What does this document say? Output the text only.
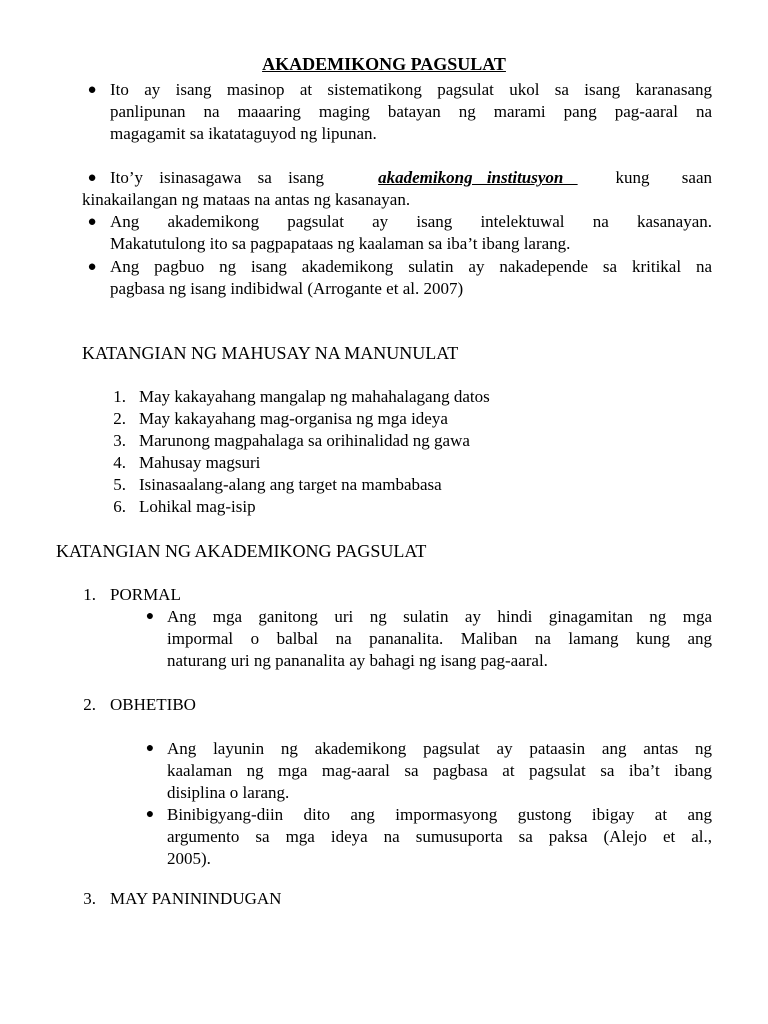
AKADEMIKONG PAGSULAT
● Ito ay isang masinop at sistematikong pagsulat ukol sa isang karanasang
panlipunan na maaaring maging batayan ng marami pang pag-aaral na
magagamit sa ikatataguyod ng lipunan.
● Ito’y isinasagawa sa isang akademikong institusyon kung saan
kinakailangan ng mataas na antas ng kasanayan.
● Ang akademikong pagsulat ay isang intelektuwal na kasanayan.
Makatutulong ito sa pagpapataas ng kaalaman sa iba’t ibang larang.
● Ang pagbuo ng isang akademikong sulatin ay nakadepende sa kritikal na
pagbasa ng isang indibidwal (Arrogante et al. 2007)
KATANGIAN NG MAHUSAY NA MANUNULAT
1. May kakayahang mangalap ng mahahalagang datos
2. May kakayahang mag-organisa ng mga ideya
3. Marunong magpahalaga sa orihinalidad ng gawa
4. Mahusay magsuri
5. Isinasaalang-alang ang target na mambabasa
6. Lohikal mag-isip
KATANGIAN NG AKADEMIKONG PAGSULAT
1. PORMAL
● Ang mga ganitong uri ng sulatin ay hindi ginagamitan ng mga
impormal o balbal na pananalita. Maliban na lamang kung ang
naturang uri ng pananalita ay bahagi ng isang pag-aaral.
2. OBHETIBO
● Ang layunin ng akademikong pagsulat ay pataasin ang antas ng
kaalaman ng mga mag-aaral sa pagbasa at pagsulat sa iba’t ibang
disiplina o larang.
● Binibigyang-diin dito ang impormasyong gustong ibigay at ang
argumento sa mga ideya na sumusuporta sa paksa (Alejo et al.,
2005).
3. MAY PANININDUGAN
